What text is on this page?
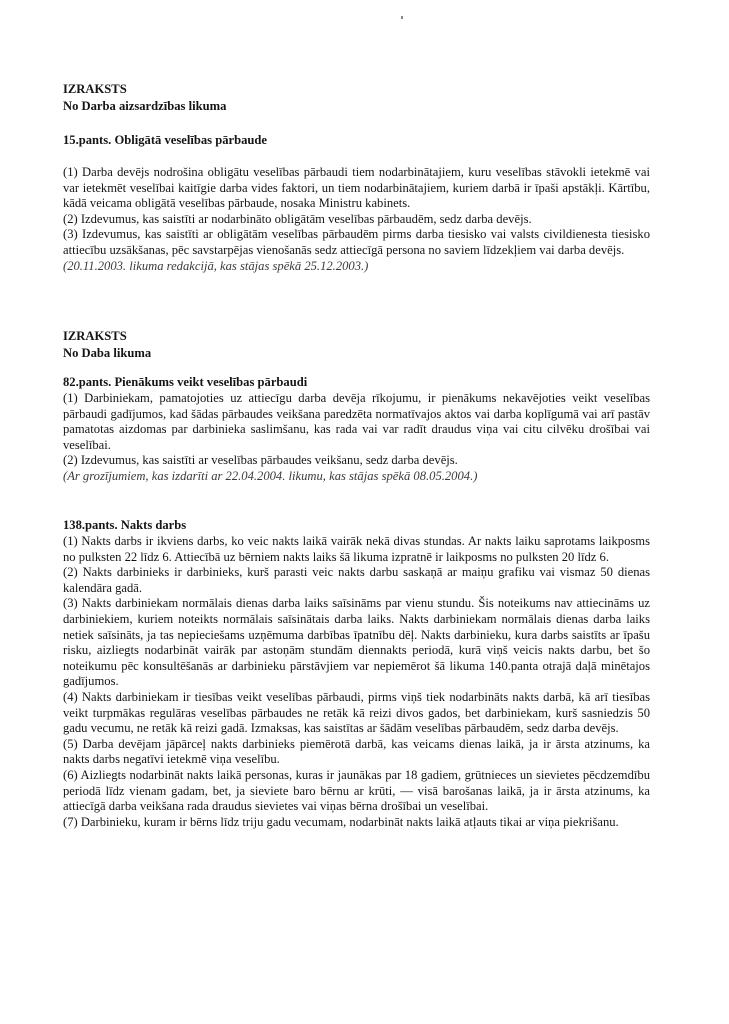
IZRAKSTS

No Darba aizsardzības likuma

15.pants. Obligātā veselības pārbaude

(1) Darba devējs nodrošina obligātu veselības pārbaudi tiem nodarbinātajiem, kuru veselības stāvokli ietekmē vai var ietekmēt veselībai kaitīgie darba vides faktori, un tiem nodarbinātajiem, kuriem darbā ir īpaši apstākļi. Kārtību, kādā veicama obligātā veselības pārbaude, nosaka Ministru kabinets.

(2) Izdevumus, kas saistīti ar nodarbināto obligātām veselības pārbaudēm, sedz darba devējs.

(3) Izdevumus, kas saistīti ar obligātām veselības pārbaudēm pirms darba tiesisko vai valsts civildienesta tiesisko attiecību uzsākšanas, pēc savstarpējas vienošanās sedz attiecīgā persona no saviem līdzekļiem vai darba devējs.

(20.11.2003. likuma redakcijā, kas stājas spēkā 25.12.2003.)

IZRAKSTS

No Daba likuma

82.pants. Pienākums veikt veselības pārbaudi

(1) Darbiniekam, pamatojoties uz attiecīgu darba devēja rīkojumu, ir pienākums nekavējoties veikt veselības pārbaudi gadījumos, kad šādas pārbaudes veikšana paredzēta normatīvajos aktos vai darba koplīgumā vai arī pastāv pamatotas aizdomas par darbinieka saslimšanu, kas rada vai var radīt draudus viņa vai citu cilvēku drošībai vai veselībai.

(2) Izdevumus, kas saistīti ar veselības pārbaudes veikšanu, sedz darba devējs.

(Ar grozījumiem, kas izdarīti ar 22.04.2004. likumu, kas stājas spēkā 08.05.2004.)

138.pants. Nakts darbs

(1) Nakts darbs ir ikviens darbs, ko veic nakts laikā vairāk nekā divas stundas. Ar nakts laiku saprotams laikposms no pulksten 22 līdz 6. Attiecībā uz bērniem nakts laiks šā likuma izpratnē ir laikposms no pulksten 20 līdz 6.

(2) Nakts darbinieks ir darbinieks, kurš parasti veic nakts darbu saskaņā ar maiņu grafiku vai vismaz 50 dienas kalendāra gadā.

(3) Nakts darbiniekam normālais dienas darba laiks saīsināms par vienu stundu. Šis noteikums nav attiecināms uz darbiniekiem, kuriem noteikts normālais saīsinātais darba laiks. Nakts darbiniekam normālais dienas darba laiks netiek saīsināts, ja tas nepieciešams uzņēmuma darbības īpatnību dēļ. Nakts darbinieku, kura darbs saistīts ar īpašu risku, aizliegts nodarbināt vairāk par astoņām stundām diennakts periodā, kurā viņš veicis nakts darbu, bet šo noteikumu pēc konsultēšanās ar darbinieku pārstāvjiem var nepiemērot šā likuma 140.panta otrajā daļā minētajos gadījumos.

(4) Nakts darbiniekam ir tiesības veikt veselības pārbaudi, pirms viņš tiek nodarbināts nakts darbā, kā arī tiesības veikt turpmākas regulāras veselības pārbaudes ne retāk kā reizi divos gados, bet darbiniekam, kurš sasniedzis 50 gadu vecumu, ne retāk kā reizi gadā. Izmaksas, kas saistītas ar šādām veselības pārbaudēm, sedz darba devējs.

(5) Darba devējam jāpārceļ nakts darbinieks piemērotā darbā, kas veicams dienas laikā, ja ir ārsta atzinums, ka nakts darbs negatīvi ietekmē viņa veselību.

(6) Aizliegts nodarbināt nakts laikā personas, kuras ir jaunākas par 18 gadiem, grūtnieces un sievietes pēcdzemdību periodā līdz vienam gadam, bet, ja sieviete baro bērnu ar krūti, — visā barošanas laikā, ja ir ārsta atzinums, ka attiecīgā darba veikšana rada draudus sievietes vai viņas bērna drošībai un veselībai.

(7) Darbinieku, kuram ir bērns līdz triju gadu vecumam, nodarbināt nakts laikā atļauts tikai ar viņa piekrišanu.
